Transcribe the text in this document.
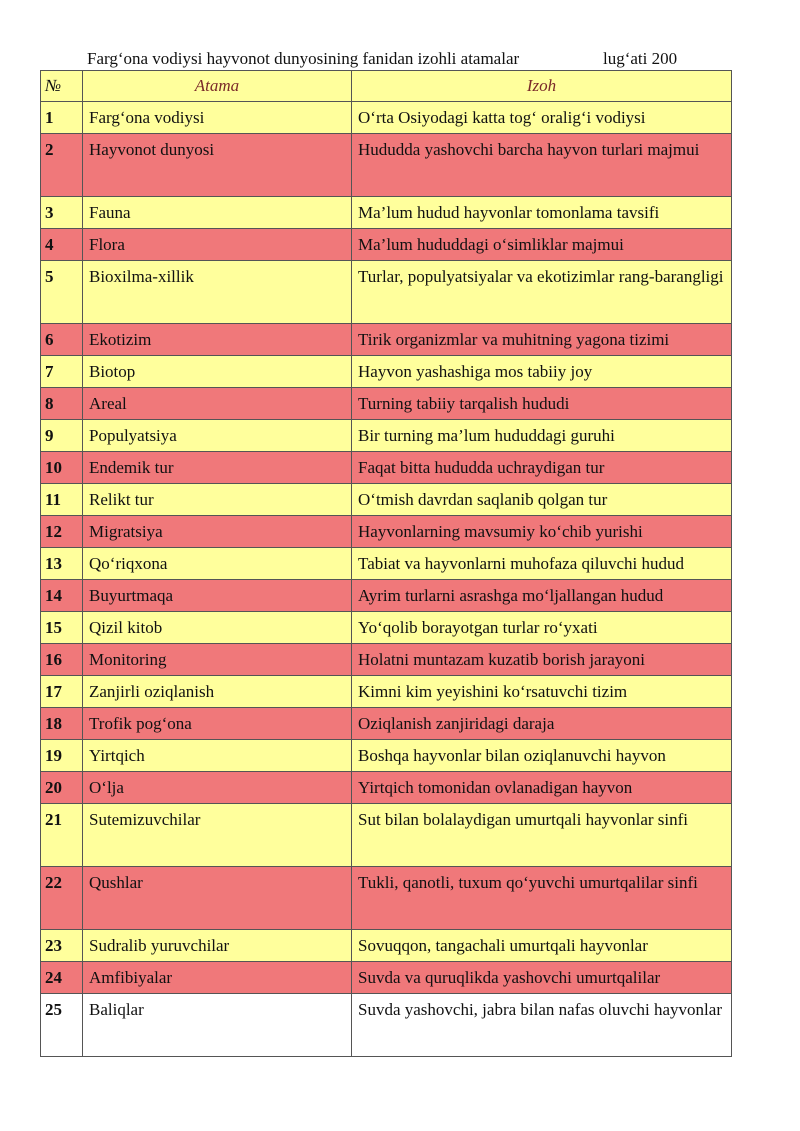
Farg‘ona vodiysi hayvonot dunyosining fanidan izohli atamalar	lug‘ati 200
№	Atama	Izoh
1	Farg‘ona vodiysi	O‘rta Osiyodagi katta tog‘ oralig‘i vodiysi
2	Hayvonot dunyosi	Hududda yashovchi barcha hayvon turlari majmui
3	Fauna	Ma’lum hudud hayvonlar tomonlama tavsifi
4	Flora	Ma’lum hududdagi o‘simliklar majmui
5	Bioxilma-xillik	Turlar, populyatsiyalar va ekotizimlar rang-barangligi
6	Ekotizim	Tirik organizmlar va muhitning yagona tizimi
7	Biotop	Hayvon yashashiga mos tabiiy joy
8	Areal	Turning tabiiy tarqalish hududi
9	Populyatsiya	Bir turning ma’lum hududdagi guruhi
10	Endemik tur	Faqat bitta hududda uchraydigan tur
11	Relikt tur	O‘tmish davrdan saqlanib qolgan tur
12	Migratsiya	Hayvonlarning mavsumiy ko‘chib yurishi
13	Qo‘riqxona	Tabiat va hayvonlarni muhofaza qiluvchi hudud
14	Buyurtmaqa	Ayrim turlarni asrashga mo‘ljallangan hudud
15	Qizil kitob	Yo‘qolib borayotgan turlar ro‘yxati
16	Monitoring	Holatni muntazam kuzatib borish jarayoni
17	Zanjirli oziqlanish	Kimni kim yeyishini ko‘rsatuvchi tizim
18	Trofik pog‘ona	Oziqlanish zanjiridagi daraja
19	Yirtqich	Boshqa hayvonlar bilan oziqlanuvchi hayvon
20	O‘lja	Yirtqich tomonidan ovlanadigan hayvon
21	Sutemizuvchilar	Sut bilan bolalaydigan umurtqali hayvonlar sinfi
22	Qushlar	Tukli, qanotli, tuxum qo‘yuvchi umurtqalilar sinfi
23	Sudralib yuruvchilar	Sovuqqon, tangachali umurtqali hayvonlar
24	Amfibiyalar	Suvda va quruqlikda yashovchi umurtqalilar
25	Baliqlar	Suvda yashovchi, jabra bilan nafas oluvchi hayvonlar
